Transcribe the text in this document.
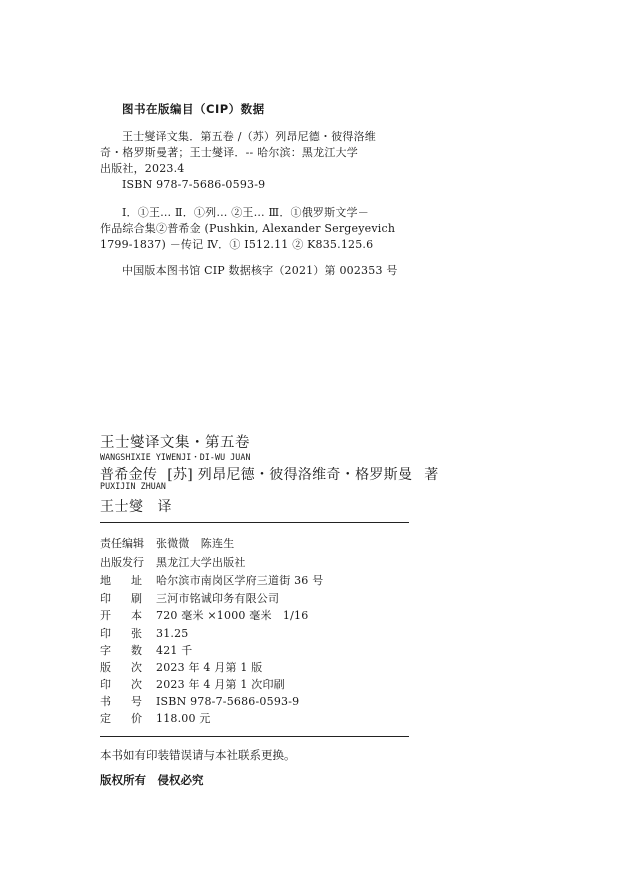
图书在版编目（CIP）数据
王士燮译文集．第五卷 /（苏）列昂尼德・彼得洛维
奇・格罗斯曼著；王士燮译．-- 哈尔滨：黑龙江大学
出版社，2023.4
ISBN 978-7-5686-0593-9
Ⅰ．①王… Ⅱ．①列… ②王… Ⅲ．①俄罗斯文学－
作品综合集②普希金 (Pushkin, Alexander Sergeyevich
1799-1837) －传记 Ⅳ．① I512.11 ② K835.125.6
中国版本图书馆 CIP 数据核字（2021）第 002353 号
王士燮译文集・第五卷
WANGSHIXIE YIWENJI・DI-WU JUAN
普希金传 [苏] 列昂尼德・彼得洛维奇・格罗斯曼 著
PUXIJIN ZHUAN
王士燮 译
责任编辑 张微微　陈连生
出版发行 黑龙江大学出版社
地 址 哈尔滨市南岗区学府三道街 36 号
印 刷 三河市铭诚印务有限公司
开 本 720 毫米 ×1000 毫米　1/16
印 张 31.25
字 数 421 千
版 次 2023 年 4 月第 1 版
印 次 2023 年 4 月第 1 次印刷
书 号 ISBN 978-7-5686-0593-9
定 价 118.00 元
本书如有印装错误请与本社联系更换。
版权所有　侵权必究
